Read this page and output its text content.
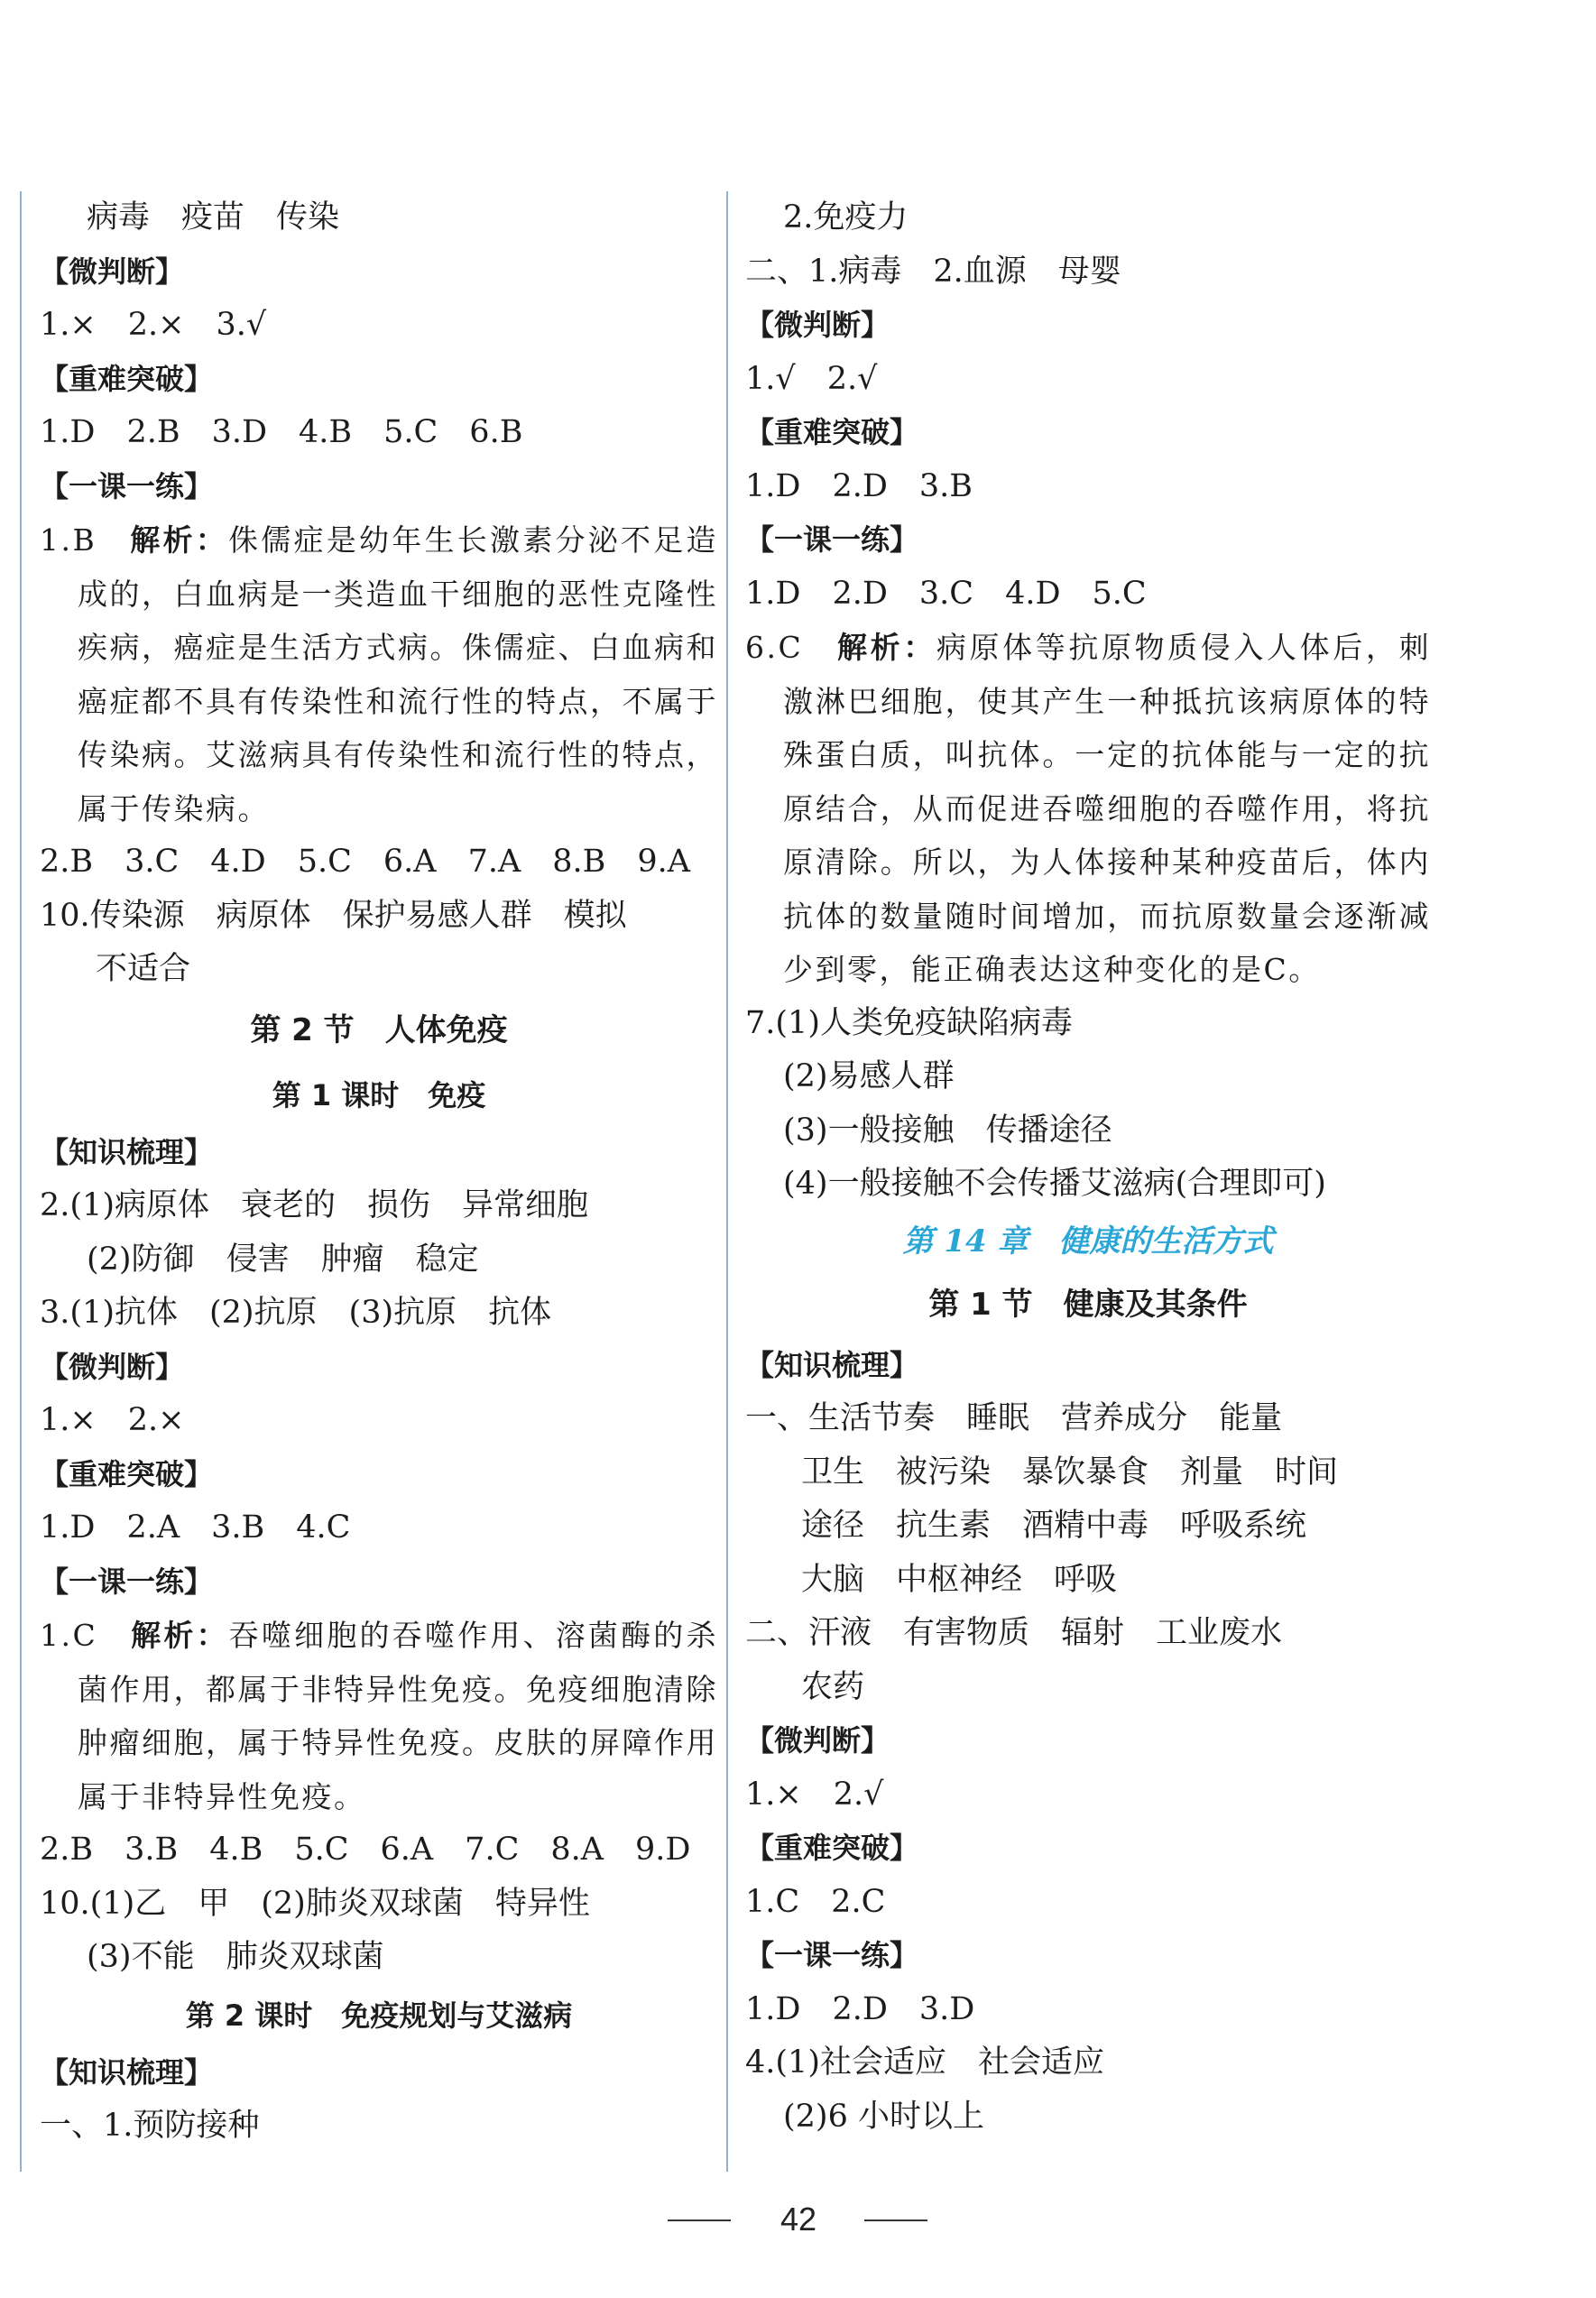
病毒　疫苗　传染
【微判断】
1.×　2.×　3.√
【重难突破】
1.D　2.B　3.D　4.B　5.C　6.B
【一课一练】
1.B　解析：侏儒症是幼年生长激素分泌不足造成的，白血病是一类造血干细胞的恶性克隆性疾病，癌症是生活方式病。侏儒症、白血病和癌症都不具有传染性和流行性的特点，不属于传染病。艾滋病具有传染性和流行性的特点，属于传染病。
2.B　3.C　4.D　5.C　6.A　7.A　8.B　9.A
10.传染源　病原体　保护易感人群　模拟
不适合
第 2 节　人体免疫
第 1 课时　免疫
【知识梳理】
2.(1)病原体　衰老的　损伤　异常细胞
(2)防御　侵害　肿瘤　稳定
3.(1)抗体　(2)抗原　(3)抗原　抗体
【微判断】
1.×　2.×
【重难突破】
1.D　2.A　3.B　4.C
【一课一练】
1.C　解析：吞噬细胞的吞噬作用、溶菌酶的杀菌作用，都属于非特异性免疫。免疫细胞清除肿瘤细胞，属于特异性免疫。皮肤的屏障作用属于非特异性免疫。
2.B　3.B　4.B　5.C　6.A　7.C　8.A　9.D
10.(1)乙　甲　(2)肺炎双球菌　特异性
(3)不能　肺炎双球菌
第 2 课时　免疫规划与艾滋病
【知识梳理】
一、1.预防接种
2.免疫力
二、1.病毒　2.血源　母婴
【微判断】
1.√　2.√
【重难突破】
1.D　2.D　3.B
【一课一练】
1.D　2.D　3.C　4.D　5.C
6.C　解析：病原体等抗原物质侵入人体后，刺激淋巴细胞，使其产生一种抵抗该病原体的特殊蛋白质，叫抗体。一定的抗体能与一定的抗原结合，从而促进吞噬细胞的吞噬作用，将抗原清除。所以，为人体接种某种疫苗后，体内抗体的数量随时间增加，而抗原数量会逐渐减少到零，能正确表达这种变化的是C。
7.(1)人类免疫缺陷病毒
(2)易感人群
(3)一般接触　传播途径
(4)一般接触不会传播艾滋病(合理即可)
第 14 章　健康的生活方式
第 1 节　健康及其条件
【知识梳理】
一、生活节奏　睡眠　营养成分　能量
卫生　被污染　暴饮暴食　剂量　时间
途径　抗生素　酒精中毒　呼吸系统
大脑　中枢神经　呼吸
二、汗液　有害物质　辐射　工业废水
农药
【微判断】
1.×　2.√
【重难突破】
1.C　2.C
【一课一练】
1.D　2.D　3.D
4.(1)社会适应　社会适应
(2)6 小时以上
42
